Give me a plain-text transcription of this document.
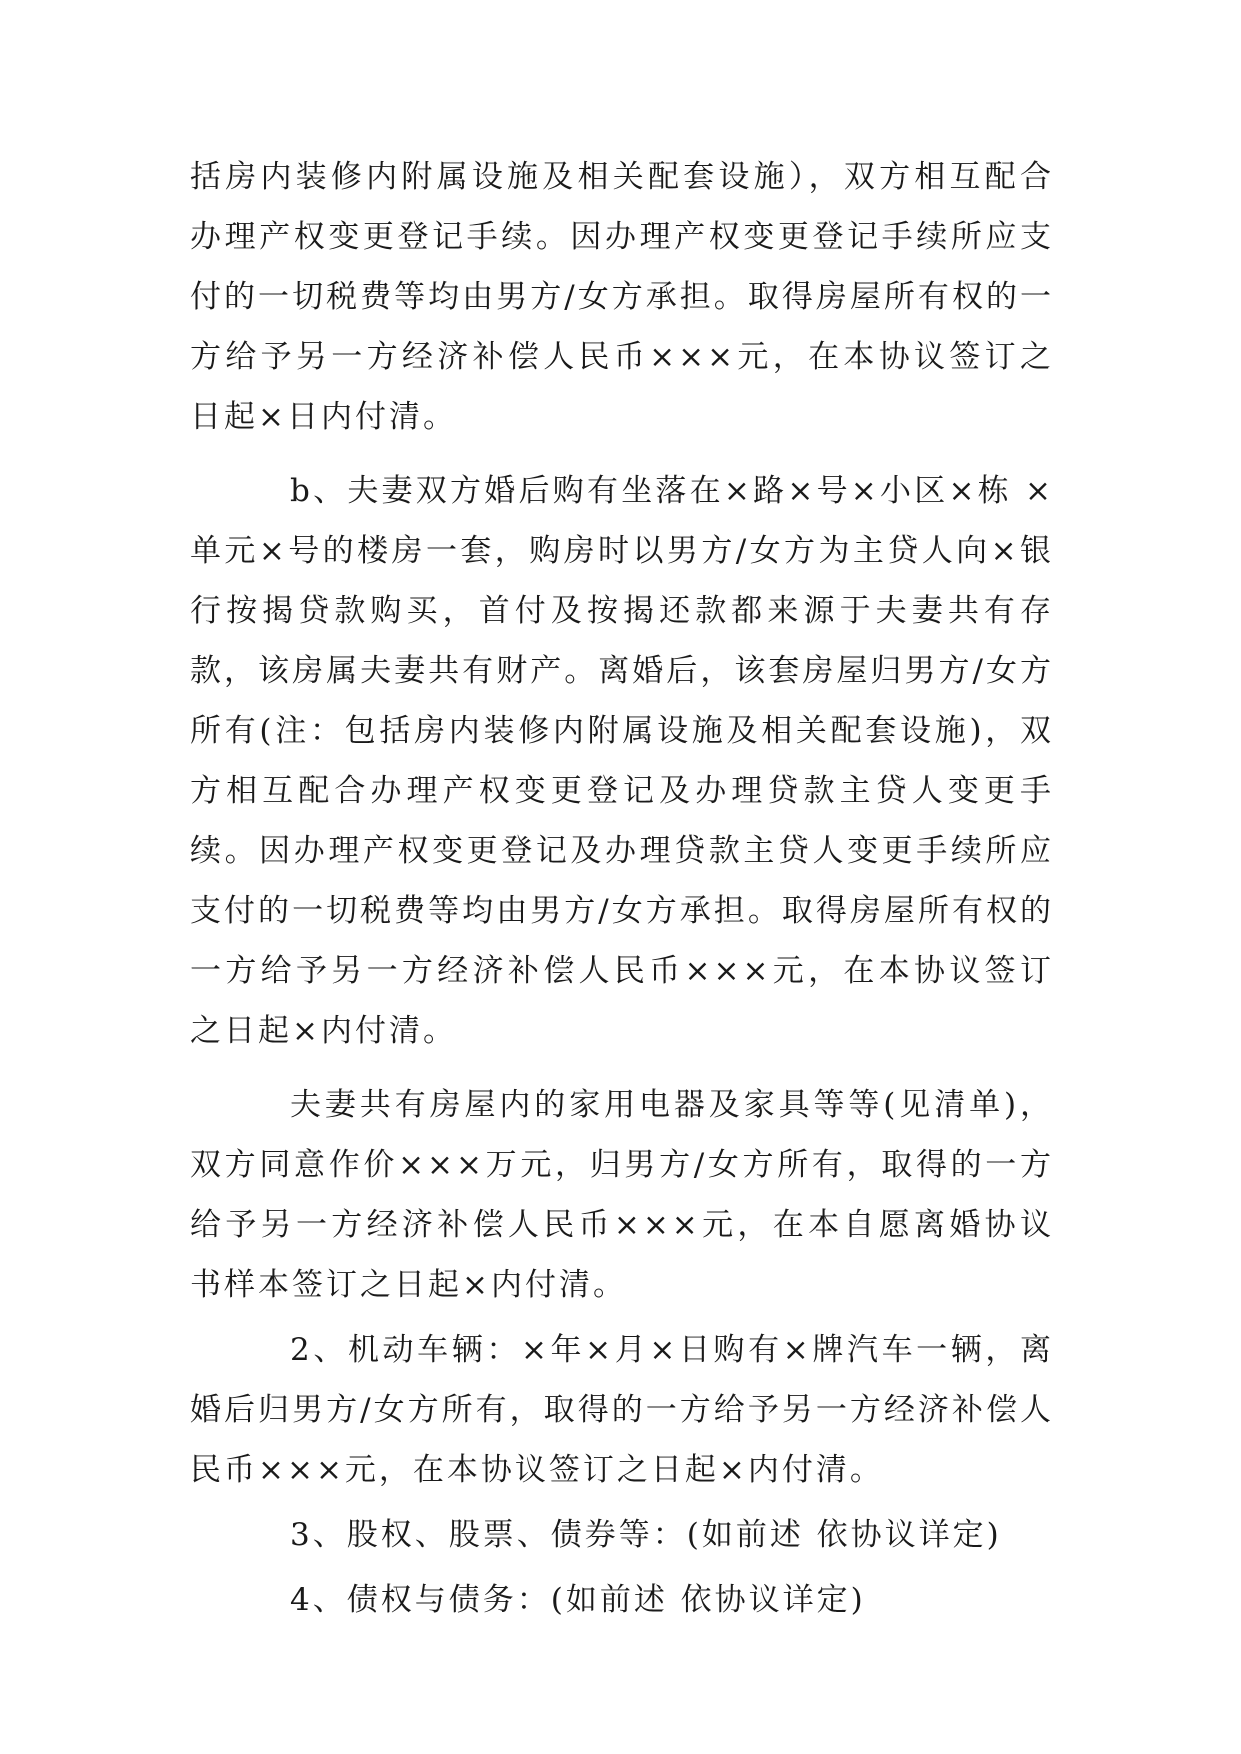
括房内装修内附属设施及相关配套设施），双方相互配合办理产权变更登记手续。因办理产权变更登记手续所应支付的一切税费等均由男方/女方承担。取得房屋所有权的一方给予另一方经济补偿人民币×××元，在本协议签订之日起×日内付清。

b、夫妻双方婚后购有坐落在×路×号×小区×栋 ×单元×号的楼房一套，购房时以男方/女方为主贷人向×银行按揭贷款购买，首付及按揭还款都来源于夫妻共有存款，该房属夫妻共有财产。离婚后，该套房屋归男方/女方所有(注：包括房内装修内附属设施及相关配套设施)，双方相互配合办理产权变更登记及办理贷款主贷人变更手续。因办理产权变更登记及办理贷款主贷人变更手续所应支付的一切税费等均由男方/女方承担。取得房屋所有权的一方给予另一方经济补偿人民币×××元，在本协议签订之日起×内付清。

夫妻共有房屋内的家用电器及家具等等(见清单)，双方同意作价×××万元，归男方/女方所有，取得的一方给予另一方经济补偿人民币×××元，在本自愿离婚协议书样本签订之日起×内付清。

2、机动车辆：×年×月×日购有×牌汽车一辆，离婚后归男方/女方所有，取得的一方给予另一方经济补偿人民币×××元，在本协议签订之日起×内付清。

3、股权、股票、债券等：(如前述 依协议详定)

4、债权与债务：(如前述 依协议详定)
